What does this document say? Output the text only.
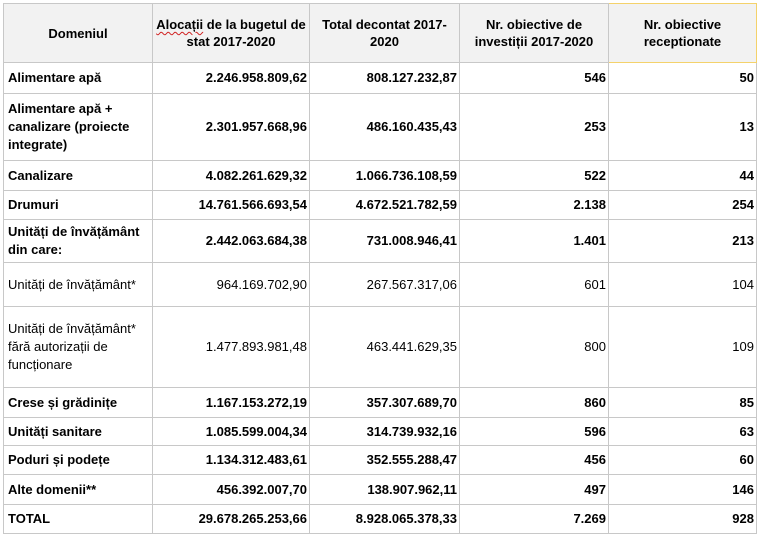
Domeniul	Alocații de la bugetul de stat 2017-2020	Total decontat 2017-2020	Nr. obiective de investiții 2017-2020	Nr. obiective receptionate
Alimentare apă	2.246.958.809,62	808.127.232,87	546	50
Alimentare apă + canalizare (proiecte integrate)	2.301.957.668,96	486.160.435,43	253	13
Canalizare	4.082.261.629,32	1.066.736.108,59	522	44
Drumuri	14.761.566.693,54	4.672.521.782,59	2.138	254
Unități de învățământ din care:	2.442.063.684,38	731.008.946,41	1.401	213
Unități de învățământ*	964.169.702,90	267.567.317,06	601	104
Unități de învățământ* fără autorizații de funcționare	1.477.893.981,48	463.441.629,35	800	109
Crese și grădinițe	1.167.153.272,19	357.307.689,70	860	85
Unități sanitare	1.085.599.004,34	314.739.932,16	596	63
Poduri și podețe	1.134.312.483,61	352.555.288,47	456	60
Alte domenii**	456.392.007,70	138.907.962,11	497	146
TOTAL	29.678.265.253,66	8.928.065.378,33	7.269	928
